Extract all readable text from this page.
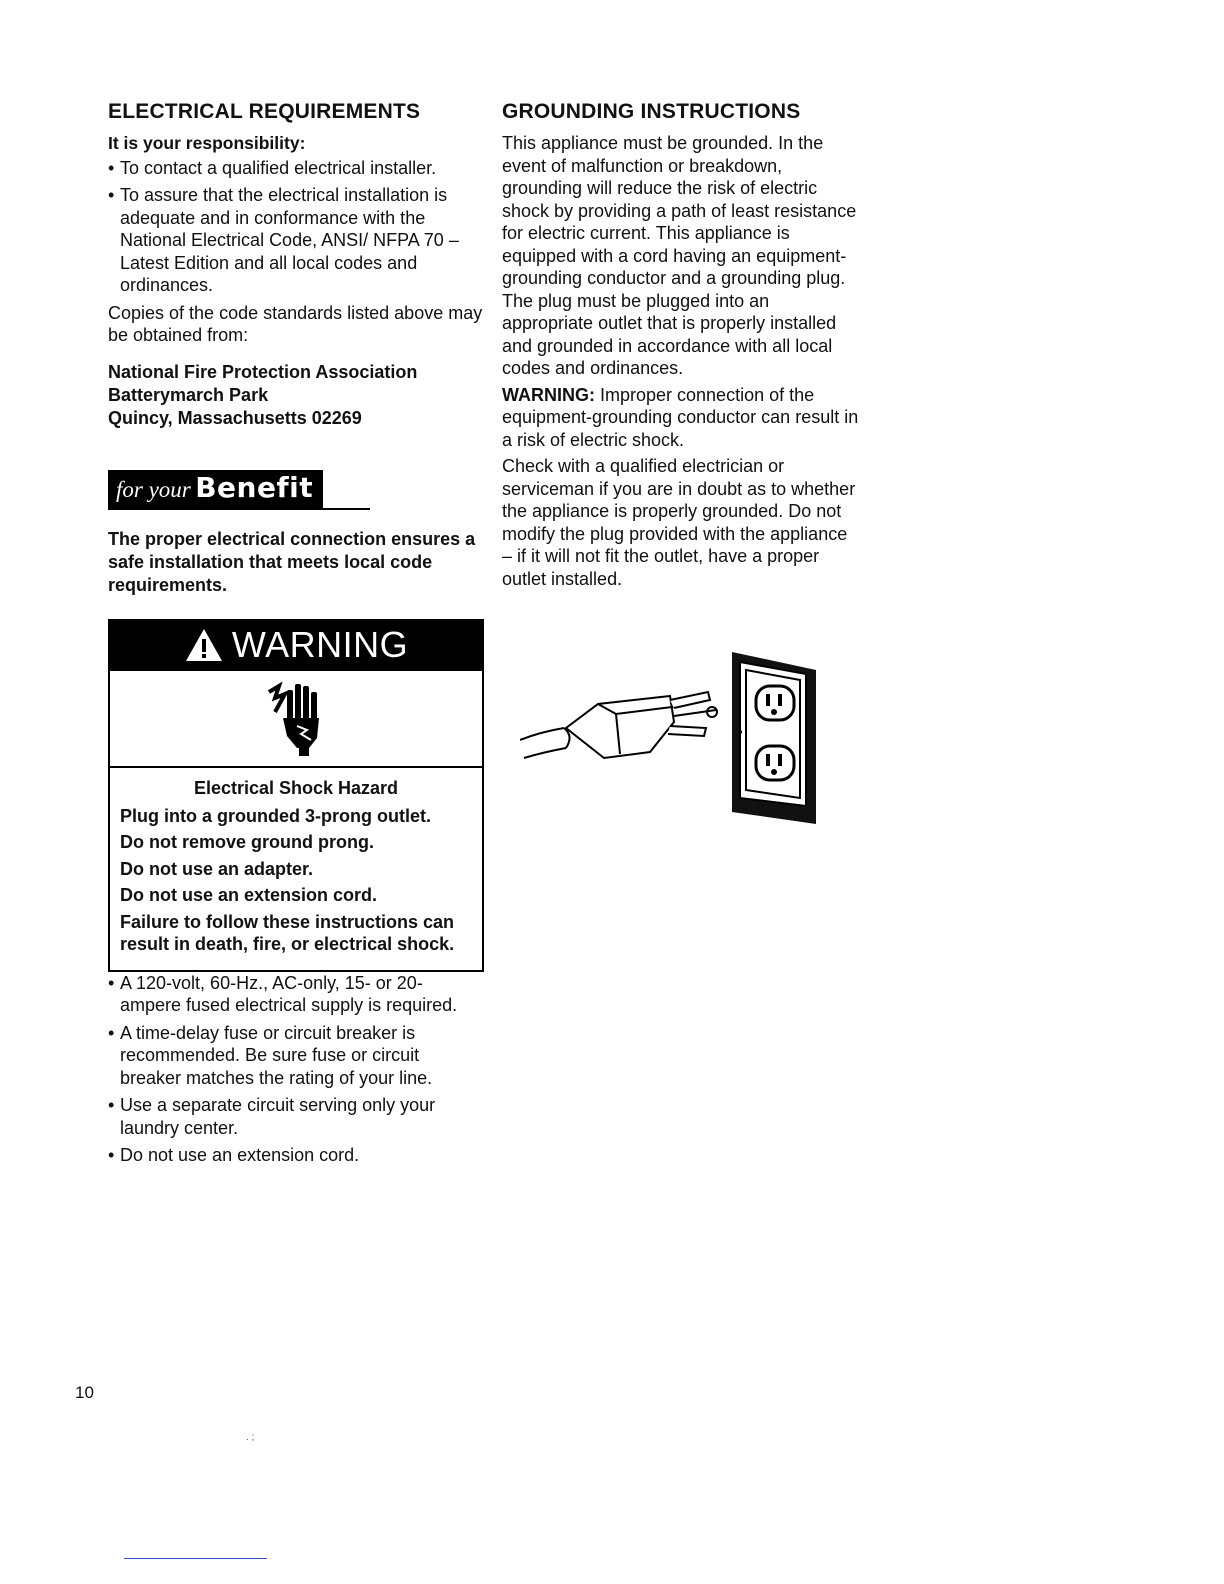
ELECTRICAL REQUIREMENTS

It is your responsibility:

• To contact a qualified electrical installer.
• To assure that the electrical installation is adequate and in conformance with the National Electrical Code, ANSI/ NFPA 70 – Latest Edition and all local codes and ordinances.

Copies of the code standards listed above may be obtained from:

National Fire Protection Association
Batterymarch Park
Quincy, Massachusetts 02269
for your Benefit

The proper electrical connection ensures a safe installation that meets local code requirements.

WARNING
Electrical Shock Hazard

Plug into a grounded 3-prong outlet.

Do not remove ground prong.

Do not use an adapter.

Do not use an extension cord.

Failure to follow these instructions can result in death, fire, or electrical shock.

• A 120-volt, 60-Hz., AC-only, 15- or 20-ampere fused electrical supply is required.
• A time-delay fuse or circuit breaker is recommended. Be sure fuse or circuit breaker matches the rating of your line.
• Use a separate circuit serving only your laundry center.
• Do not use an extension cord.
GROUNDING INSTRUCTIONS

This appliance must be grounded. In the event of malfunction or breakdown, grounding will reduce the risk of electric shock by providing a path of least resistance for electric current. This appliance is equipped with a cord having an equipment-grounding conductor and a grounding plug. The plug must be plugged into an appropriate outlet that is properly installed and grounded in accordance with all local codes and ordinances.

WARNING: Improper connection of the equipment-grounding conductor can result in a risk of electric shock.

Check with a qualified electrician or serviceman if you are in doubt as to whether the appliance is properly grounded. Do not modify the plug provided with the appliance – if it will not fit the outlet, have a proper outlet installed.

10
. ;
